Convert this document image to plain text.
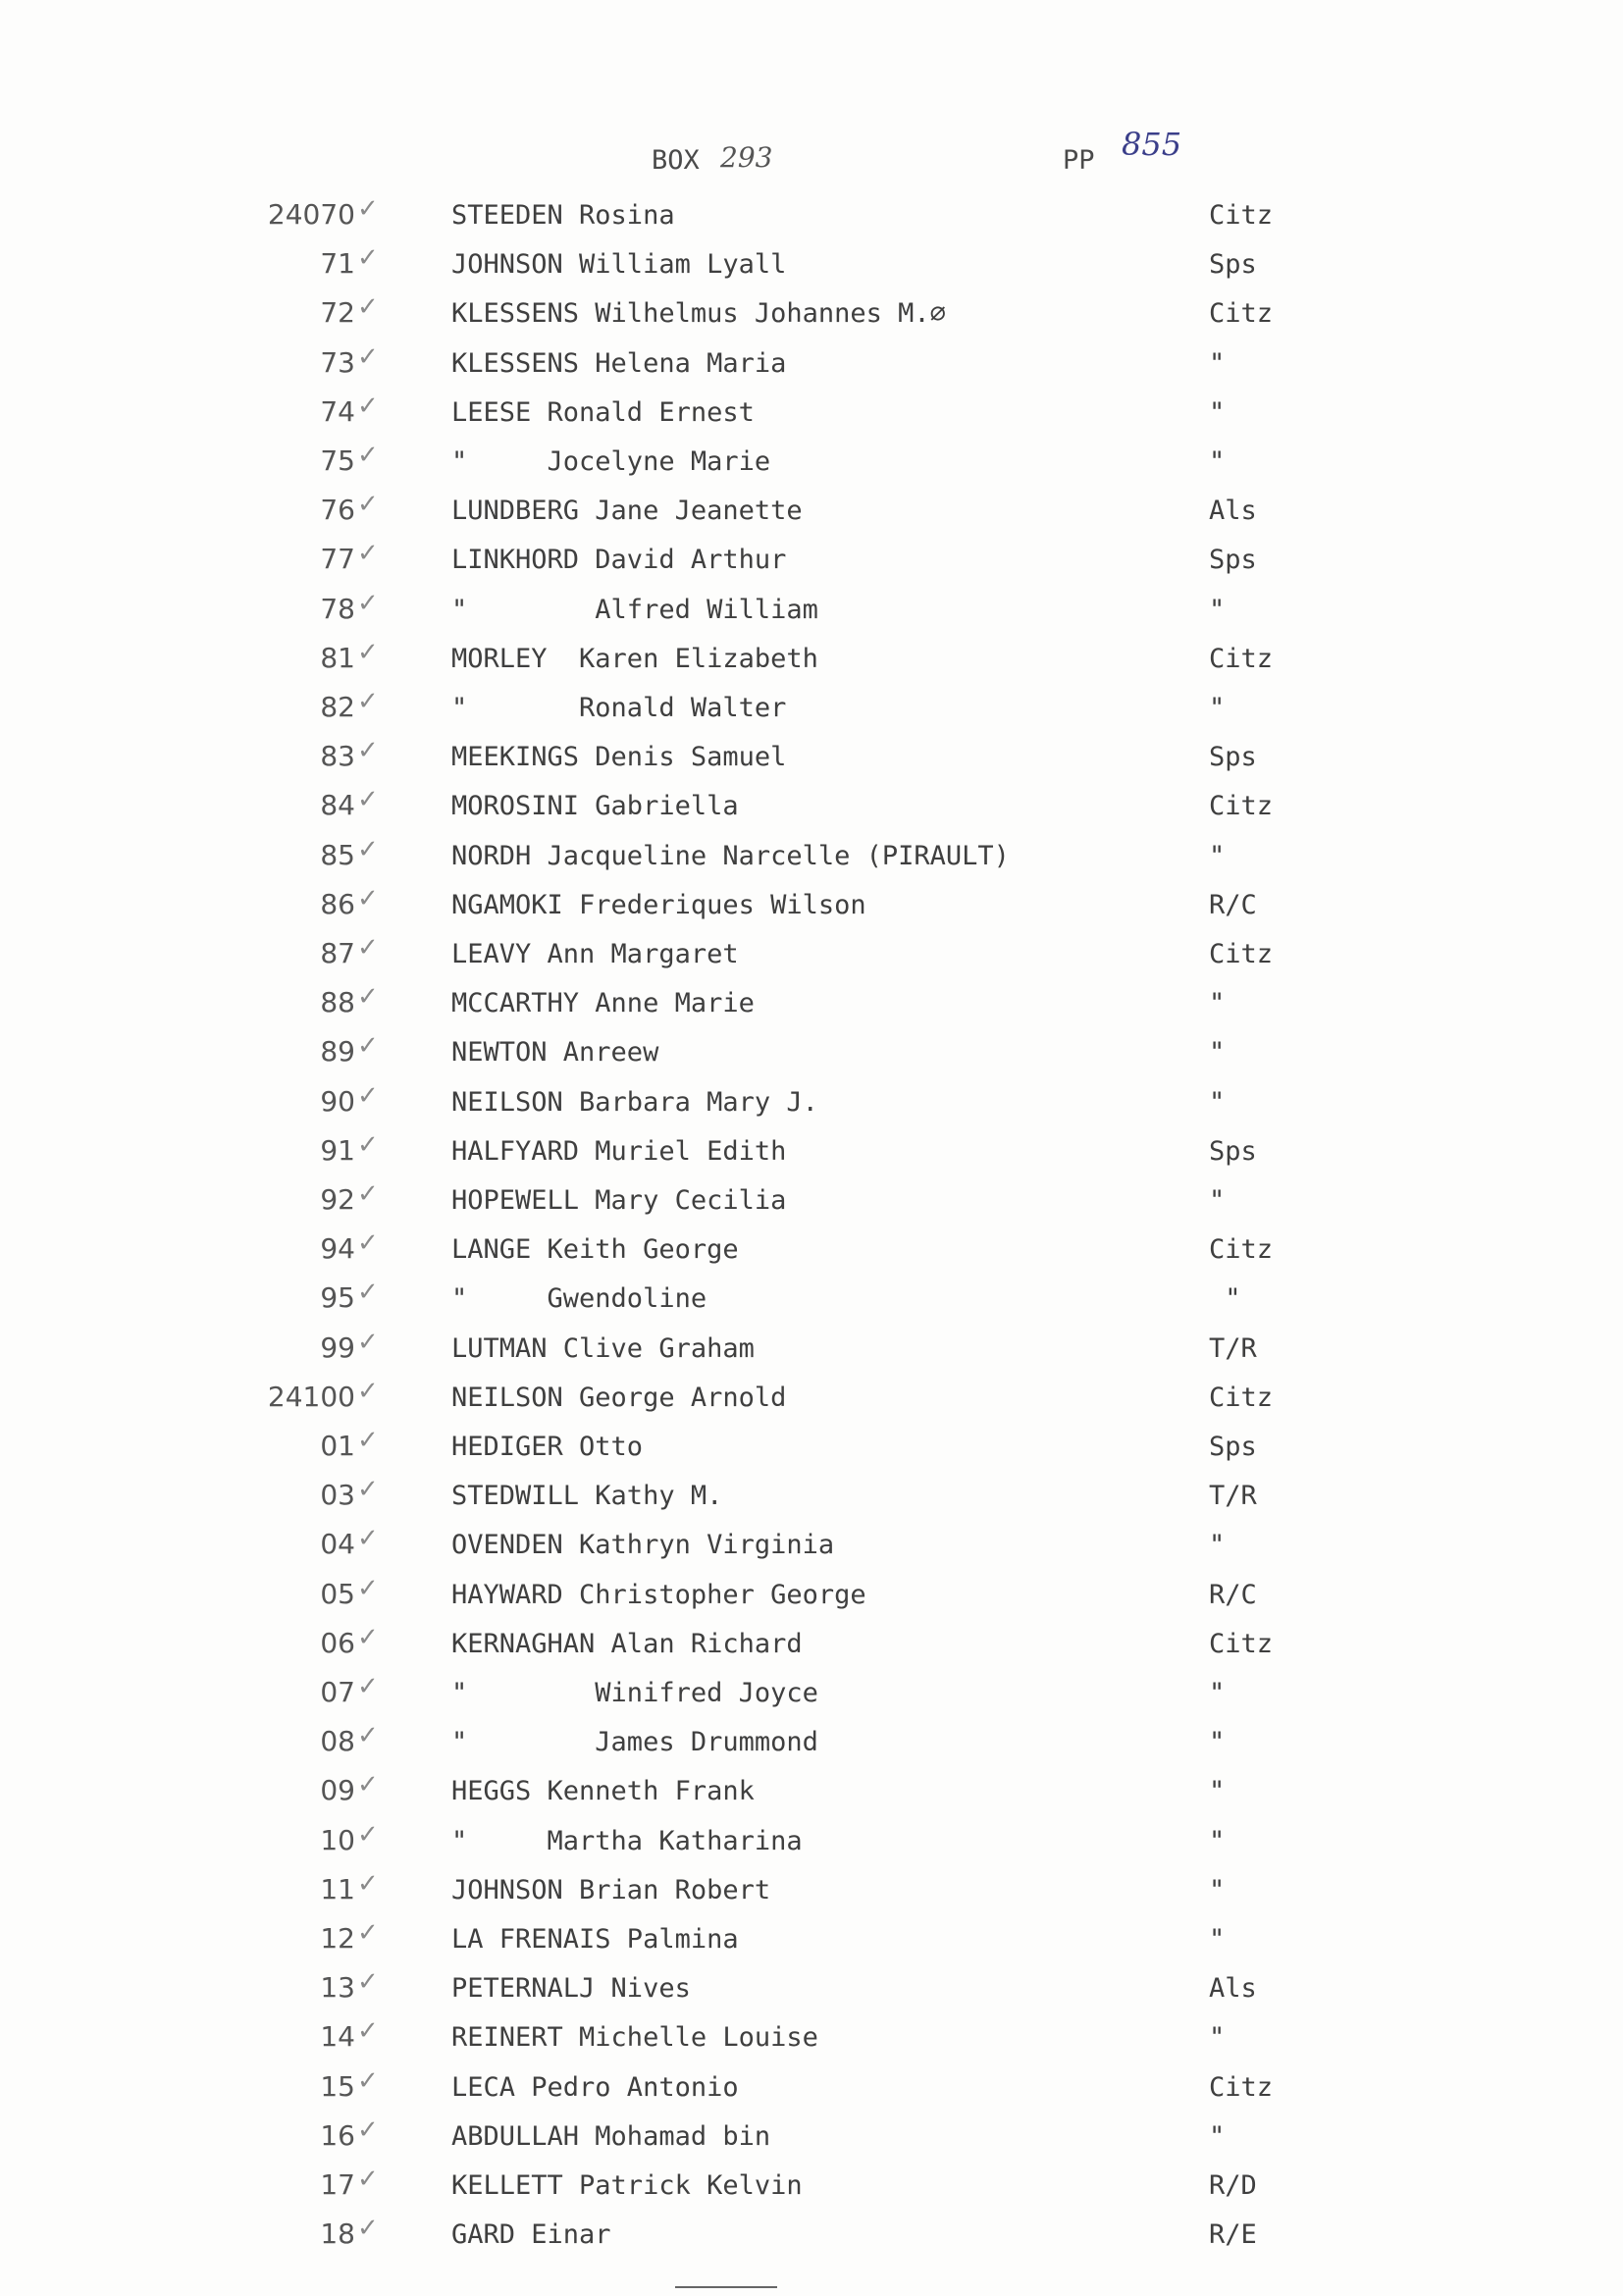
BOX 293	PP 855
24070 ✓	STEEDEN Rosina	Citz
71 ✓	JOHNSON William Lyall	Sps
72 ✓	KLESSENS Wilhelmus Johannes M.∅	Citz
73 ✓	KLESSENS Helena Maria	"
74 ✓	LEESE Ronald Ernest	"
75 ✓	"     Jocelyne Marie	"
76 ✓	LUNDBERG Jane Jeanette	Als
77 ✓	LINKHORD David Arthur	Sps
78 ✓	"        Alfred William	"
81 ✓	MORLEY  Karen Elizabeth	Citz
82 ✓	"       Ronald Walter	"
83 ✓	MEEKINGS Denis Samuel	Sps
84 ✓	MOROSINI Gabriella	Citz
85 ✓	NORDH Jacqueline Narcelle (PIRAULT)	"
86 ✓	NGAMOKI Frederiques Wilson	R/C
87 ✓	LEAVY Ann Margaret	Citz
88 ✓	MCCARTHY Anne Marie	"
89 ✓	NEWTON Anreew	"
90 ✓	NEILSON Barbara Mary J.	"
91 ✓	HALFYARD Muriel Edith	Sps
92 ✓	HOPEWELL Mary Cecilia	"
94 ✓	LANGE Keith George	Citz
95 ✓	"     Gwendoline	"
99 ✓	LUTMAN Clive Graham	T/R
24100 ✓	NEILSON George Arnold	Citz
01 ✓	HEDIGER Otto	Sps
03 ✓	STEDWILL Kathy M.	T/R
04 ✓	OVENDEN Kathryn Virginia	"
05 ✓	HAYWARD Christopher George	R/C
06 ✓	KERNAGHAN Alan Richard	Citz
07 ✓	"        Winifred Joyce	"
08 ✓	"        James Drummond	"
09 ✓	HEGGS Kenneth Frank	"
10 ✓	"     Martha Katharina	"
11 ✓	JOHNSON Brian Robert	"
12 ✓	LA FRENAIS Palmina	"
13 ✓	PETERNALJ Nives	Als
14 ✓	REINERT Michelle Louise	"
15 ✓	LECA Pedro Antonio	Citz
16 ✓	ABDULLAH Mohamad bin	"
17 ✓	KELLETT Patrick Kelvin	R/D
18 ✓	GARD Einar	R/E
